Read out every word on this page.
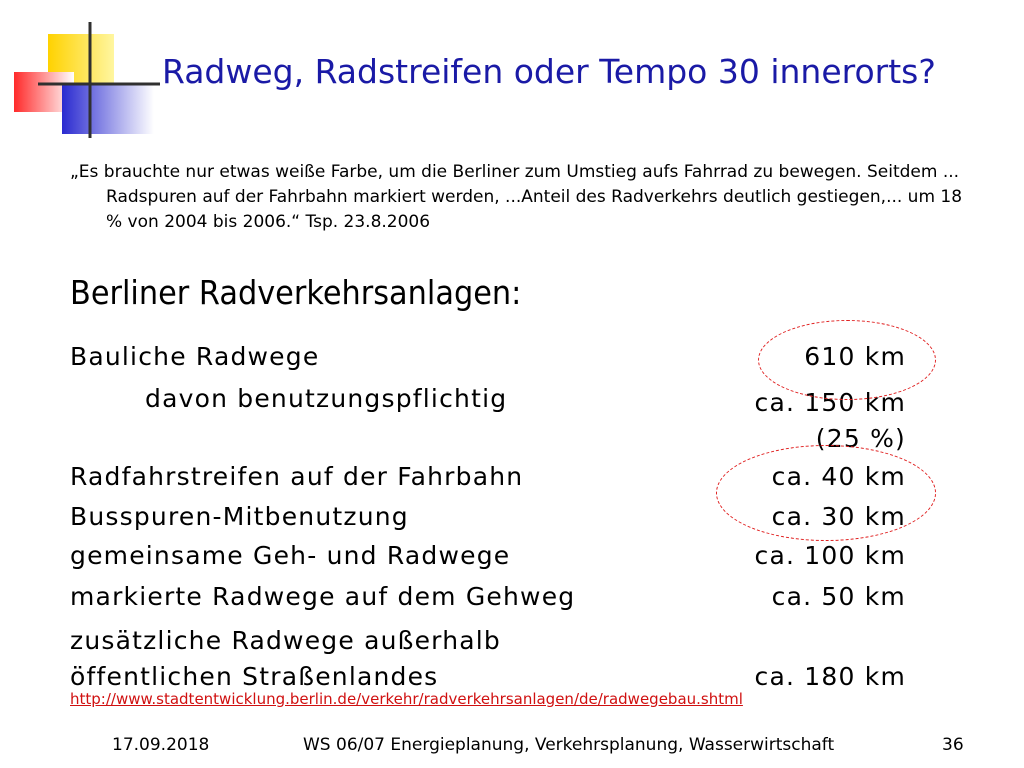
Radweg, Radstreifen oder Tempo 30 innerorts?

„Es brauchte nur etwas weiße Farbe, um die Berliner zum Umstieg aufs Fahrrad zu bewegen. Seitdem ... Radspuren auf der Fahrbahn markiert werden, ...Anteil des Radverkehrs deutlich gestiegen,... um 18 % von 2004 bis 2006.“ Tsp. 23.8.2006

Berliner Radverkehrsanlagen:
Bauliche Radwege	610 km
davon benutzungspflichtig	ca. 150 km
(25 %)
Radfahrstreifen auf der Fahrbahn	ca. 40 km
Busspuren-Mitbenutzung	ca. 30 km
gemeinsame Geh- und Radwege	ca. 100 km
markierte Radwege auf dem Gehweg	ca. 50 km
zusätzliche Radwege außerhalb
öffentlichen Straßenlandes	ca. 180 km
http://www.stadtentwicklung.berlin.de/verkehr/radverkehrsanlagen/de/radwegebau.shtml
17.09.2018	WS 06/07 Energieplanung, Verkehrsplanung, Wasserwirtschaft	36
